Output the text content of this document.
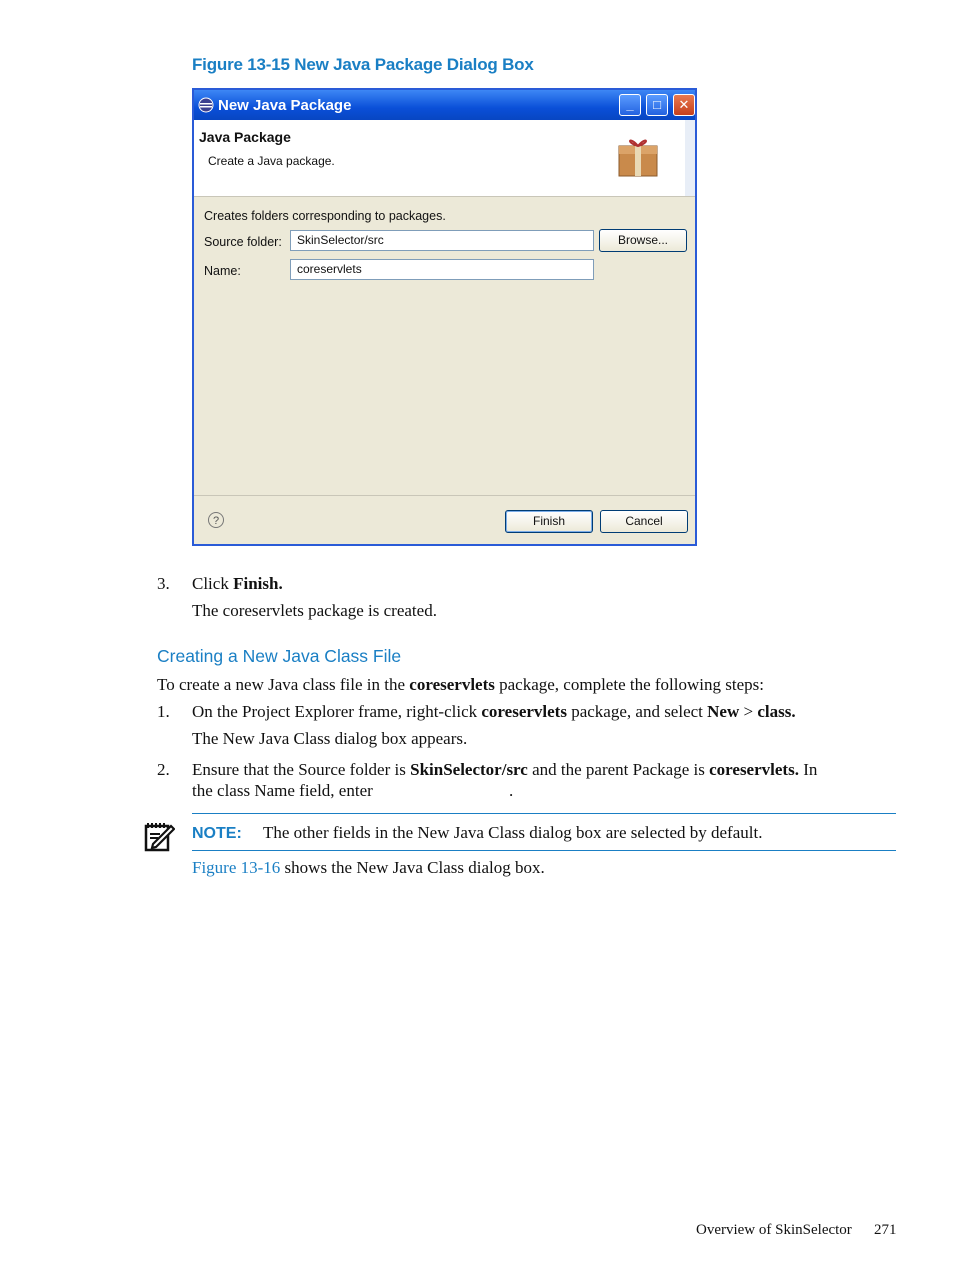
Figure 13-15 New Java Package Dialog Box
New Java Package	_	□	✕
Java Package
Create a Java package.
Creates folders corresponding to packages.
Source folder:	SkinSelector/src	Browse...
Name:	coreservlets
?	Finish	Cancel
3. Click Finish.
The coreservlets package is created.
Creating a New Java Class File
To create a new Java class file in the coreservlets package, complete the following steps:
1. On the Project Explorer frame, right-click coreservlets package, and select New > class.
The New Java Class dialog box appears.
2. Ensure that the Source folder is SkinSelector/src and the parent Package is coreservlets. In
the class Name field, enter	.
NOTE: The other fields in the New Java Class dialog box are selected by default.
Figure 13-16 shows the New Java Class dialog box.
Overview of SkinSelector 271
